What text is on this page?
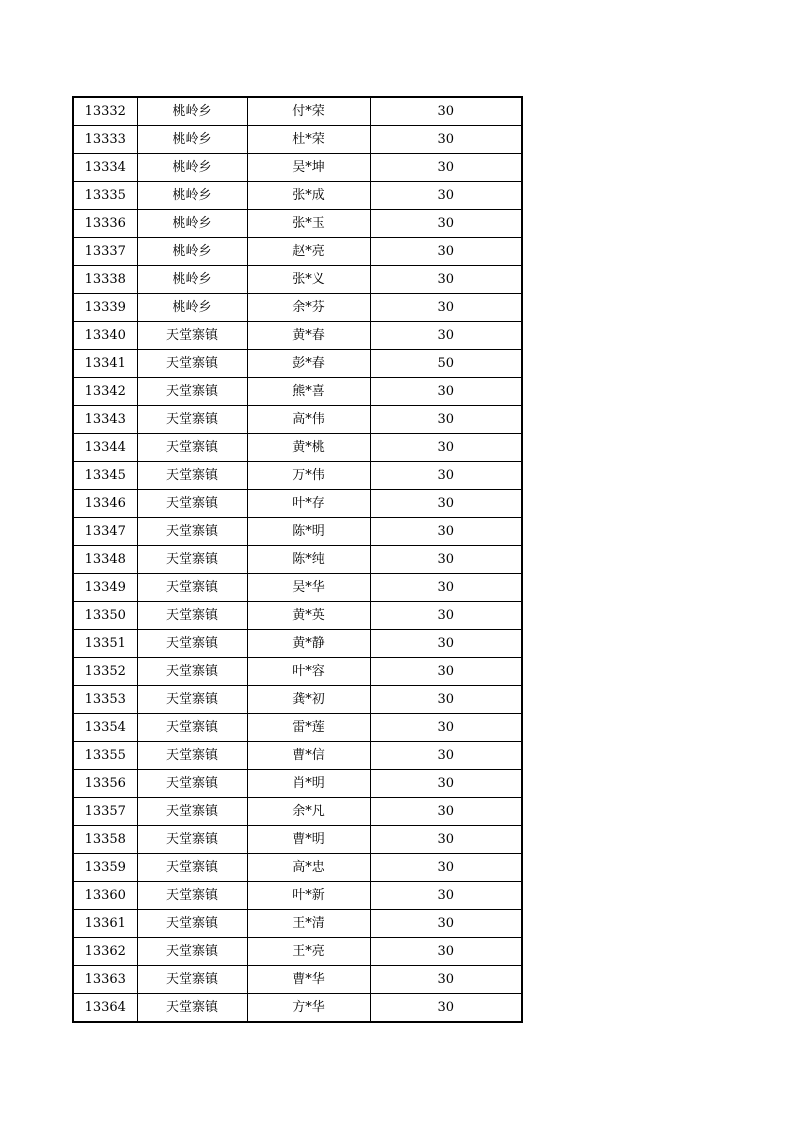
13332	桃岭乡	付*荣	30
13333	桃岭乡	杜*荣	30
13334	桃岭乡	吴*坤	30
13335	桃岭乡	张*成	30
13336	桃岭乡	张*玉	30
13337	桃岭乡	赵*亮	30
13338	桃岭乡	张*义	30
13339	桃岭乡	余*芬	30
13340	天堂寨镇	黄*春	30
13341	天堂寨镇	彭*春	50
13342	天堂寨镇	熊*喜	30
13343	天堂寨镇	高*伟	30
13344	天堂寨镇	黄*桃	30
13345	天堂寨镇	万*伟	30
13346	天堂寨镇	叶*存	30
13347	天堂寨镇	陈*明	30
13348	天堂寨镇	陈*纯	30
13349	天堂寨镇	吴*华	30
13350	天堂寨镇	黄*英	30
13351	天堂寨镇	黄*静	30
13352	天堂寨镇	叶*容	30
13353	天堂寨镇	龚*初	30
13354	天堂寨镇	雷*莲	30
13355	天堂寨镇	曹*信	30
13356	天堂寨镇	肖*明	30
13357	天堂寨镇	余*凡	30
13358	天堂寨镇	曹*明	30
13359	天堂寨镇	高*忠	30
13360	天堂寨镇	叶*新	30
13361	天堂寨镇	王*清	30
13362	天堂寨镇	王*亮	30
13363	天堂寨镇	曹*华	30
13364	天堂寨镇	方*华	30
